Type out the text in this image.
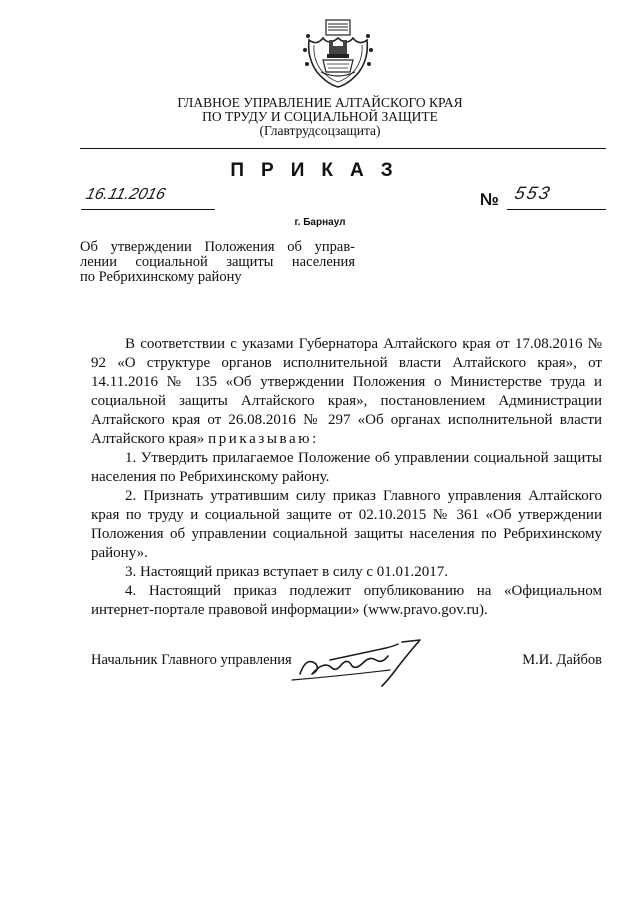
ГЛАВНОЕ УПРАВЛЕНИЕ АЛТАЙСКОГО КРАЯ
ПО ТРУДУ И СОЦИАЛЬНОЙ ЗАЩИТЕ
(Главтрудсоцзащита)
ПРИКАЗ
16.11.2016	№ 553
г. Барнаул
Об утверждении Положения об управ-
лении социальной защиты населения
по Ребрихинскому району

В соответствии с указами Губернатора Алтайского края от 17.08.2016 № 92 «О структуре органов исполнительной власти Алтайского края», от 14.11.2016 № 135 «Об утверждении Положения о Министерстве труда и социальной защиты Алтайского края», постановлением Администрации Алтайского края от 26.08.2016 № 297 «Об органах исполнительной власти Алтайского края» приказываю:

1. Утвердить прилагаемое Положение об управлении социальной защиты населения по Ребрихинскому району.

2. Признать утратившим силу приказ Главного управления Алтайского края по труду и социальной защите от 02.10.2015 № 361 «Об утверждении Положения об управлении социальной защиты населения по Ребрихинскому району».

3. Настоящий приказ вступает в силу с 01.01.2017.

4. Настоящий приказ подлежит опубликованию на «Официальном интернет-портале правовой информации» (www.pravo.gov.ru).

Начальник Главного управления	М.И. Дайбов
